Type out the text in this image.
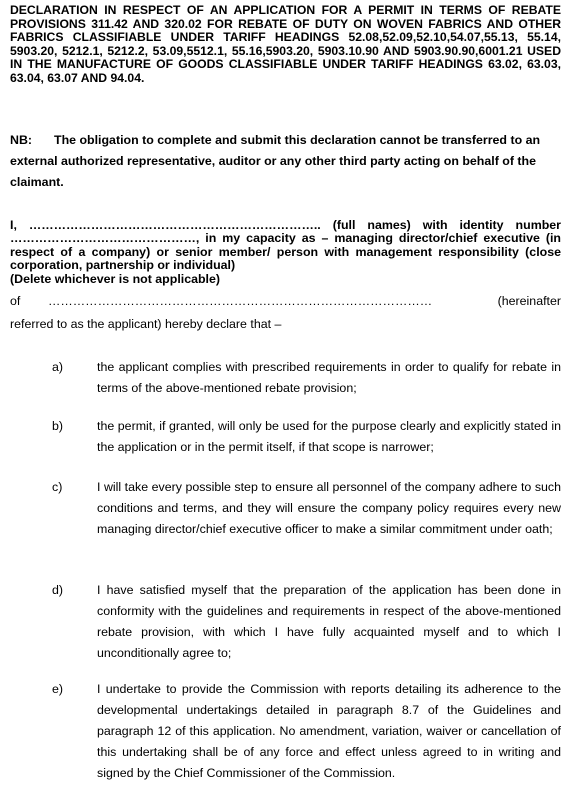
DECLARATION IN RESPECT OF AN APPLICATION FOR A PERMIT IN TERMS OF REBATE PROVISIONS 311.42 AND 320.02 FOR REBATE OF DUTY ON WOVEN FABRICS AND OTHER FABRICS CLASSIFIABLE UNDER TARIFF HEADINGS 52.08,52.09,52.10,54.07,55.13, 55.14, 5903.20, 5212.1, 5212.2, 53.09,5512.1, 55.16,5903.20, 5903.10.90 AND 5903.90.90,6001.21 USED IN THE MANUFACTURE OF GOODS CLASSIFIABLE UNDER TARIFF HEADINGS 63.02, 63.03, 63.04, 63.07 AND 94.04.
NB: The obligation to complete and submit this declaration cannot be transferred to an external authorized representative, auditor or any other third party acting on behalf of the claimant.
I, …………………………………………………………….. (full names) with identity number ………………………………………, in my capacity as – managing director/chief executive (in respect of a company) or senior member/ person with management responsibility (close corporation, partnership or individual)
(Delete whichever is not applicable)
of …………………………………………………………………………………	(hereinafter
referred to as the applicant) hereby declare that –
a)	the applicant complies with prescribed requirements in order to qualify for rebate in terms of the above-mentioned rebate provision;
b)	the permit, if granted, will only be used for the purpose clearly and explicitly stated in the application or in the permit itself, if that scope is narrower;
c)	I will take every possible step to ensure all personnel of the company adhere to such conditions and terms, and they will ensure the company policy requires every new managing director/chief executive officer to make a similar commitment under oath;
d)	I have satisfied myself that the preparation of the application has been done in conformity with the guidelines and requirements in respect of the above-mentioned rebate provision, with which I have fully acquainted myself and to which I unconditionally agree to;
e)	I undertake to provide the Commission with reports detailing its adherence to the developmental undertakings detailed in paragraph 8.7 of the Guidelines and paragraph 12 of this application. No amendment, variation, waiver or cancellation of this undertaking shall be of any force and effect unless agreed to in writing and signed by the Chief Commissioner of the Commission.
